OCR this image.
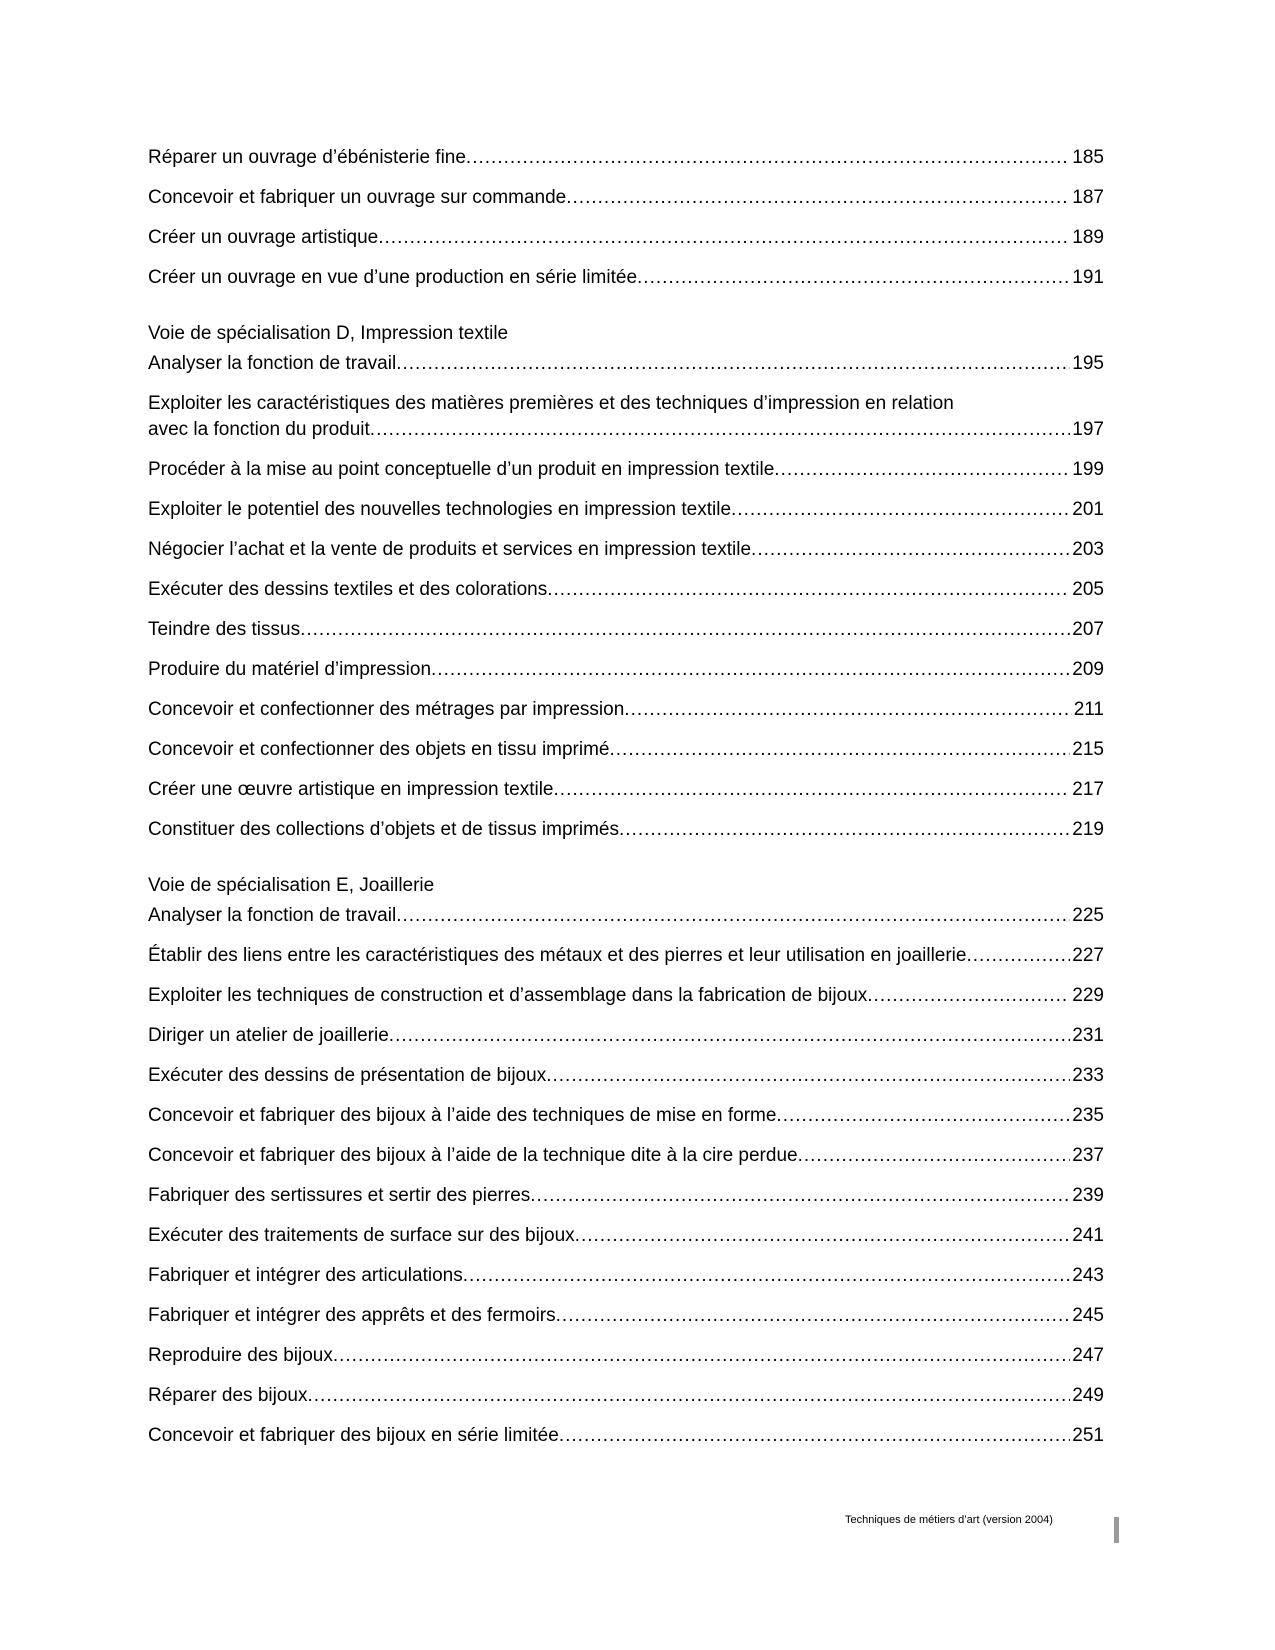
Réparer un ouvrage d’ébénisterie fine. .....	185
Concevoir et fabriquer un ouvrage sur commande. .....	187
Créer un ouvrage artistique. .....	189
Créer un ouvrage en vue d’une production en série limitée. .....	191
Voie de spécialisation D, Impression textile
Analyser la fonction de travail. .....	195
Exploiter les caractéristiques des matières premières et des techniques d’impression en relation
avec la fonction du produit. .....	197
Procéder à la mise au point conceptuelle d’un produit en impression textile. .....	199
Exploiter le potentiel des nouvelles technologies en impression textile. .....	201
Négocier l’achat et la vente de produits et services en impression textile. .....	203
Exécuter des dessins textiles et des colorations. .....	205
Teindre des tissus. .....	207
Produire du matériel d’impression. .....	209
Concevoir et confectionner des métrages par impression. .....	211
Concevoir et confectionner des objets en tissu imprimé. .....	215
Créer une œuvre artistique en impression textile. .....	217
Constituer des collections d’objets et de tissus imprimés. .....	219
Voie de spécialisation E, Joaillerie
Analyser la fonction de travail. .....	225
Établir des liens entre les caractéristiques des métaux et des pierres et leur utilisation en joaillerie. .....	227
Exploiter les techniques de construction et d’assemblage dans la fabrication de bijoux. .....	229
Diriger un atelier de joaillerie. .....	231
Exécuter des dessins de présentation de bijoux. .....	233
Concevoir et fabriquer des bijoux à l’aide des techniques de mise en forme. .....	235
Concevoir et fabriquer des bijoux à l’aide de la technique dite à la cire perdue. .....	237
Fabriquer des sertissures et sertir des pierres. .....	239
Exécuter des traitements de surface sur des bijoux. .....	241
Fabriquer et intégrer des articulations. .....	243
Fabriquer et intégrer des apprêts et des fermoirs. .....	245
Reproduire des bijoux. .....	247
Réparer des bijoux. .....	249
Concevoir et fabriquer des bijoux en série limitée. .....	251
Techniques de métiers d’art (version 2004)
